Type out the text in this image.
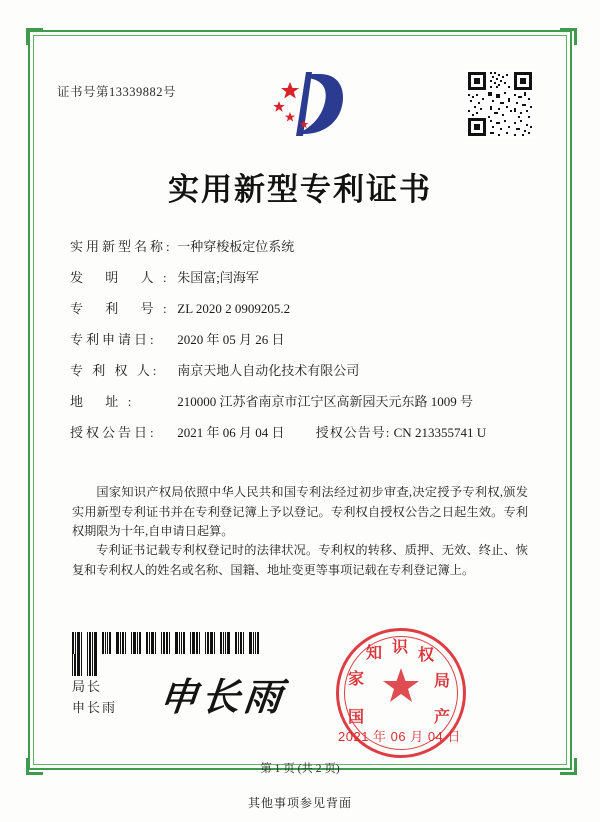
证书号第13339882号
实用新型专利证书
实用新型名称: 一种穿梭板定位系统
发 明 人: 朱国富;闫海军
专 利 号: ZL 2020 2 0909205.2
专利申请日: 2020 年 05 月 26 日
专 利 权 人: 南京天地人自动化技术有限公司
地 址:	210000 江苏省南京市江宁区高新园天元东路 1009 号
授权公告日: 2021 年 06 月 04 日 授权公告号: CN 213355741 U
国家知识产权局依照中华人民共和国专利法经过初步审查,决定授予专利权,颁发实用新型专利证书并在专利登记簿上予以登记。专利权自授权公告之日起生效。专利权期限为十年,自申请日起算。
专利证书记载专利权登记时的法律状况。专利权的转移、质押、无效、终止、恢复和专利权人的姓名或名称、国籍、地址变更等事项记载在专利登记簿上。

局长
申长雨 申长雨
识 权
局
知
家
国	产
2021 年 06 月 04 日
第 1 页 (共 2 页)
其他事项参见背面
